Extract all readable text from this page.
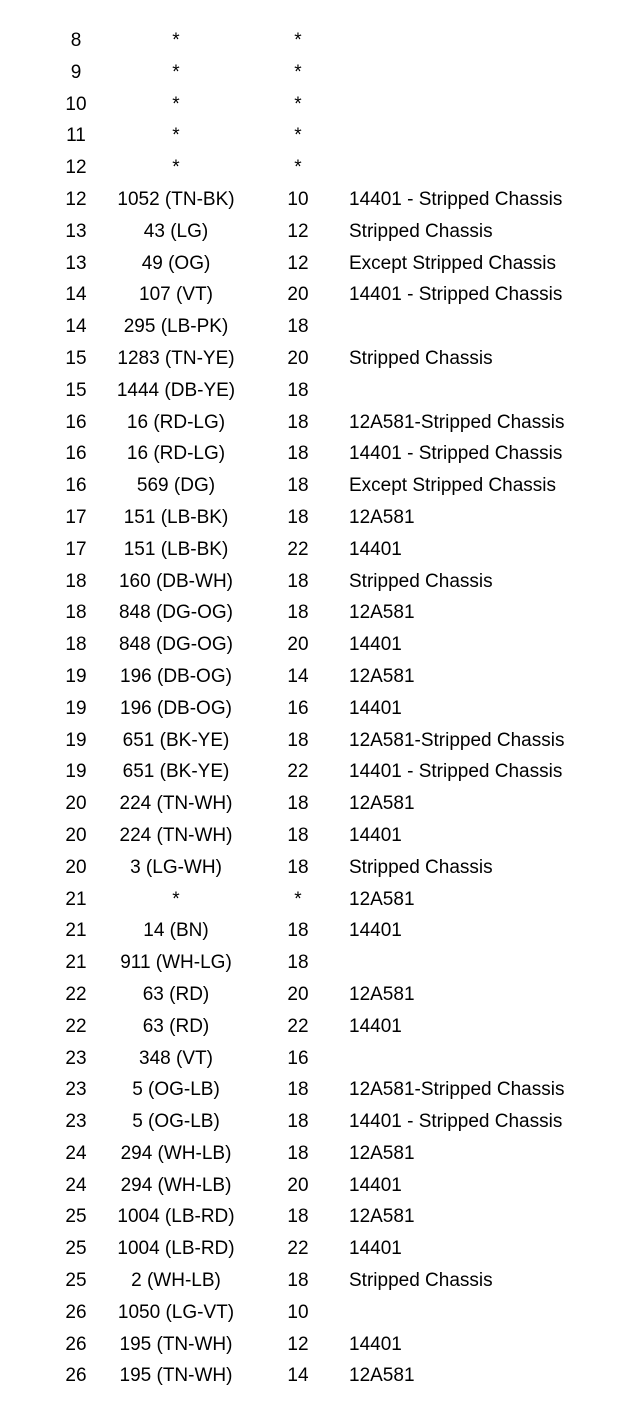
8	*	*
9	*	*
10	*	*
11	*	*
12	*	*
12	1052 (TN-BK)	10	14401 - Stripped Chassis
13	43 (LG)	12	Stripped Chassis
13	49 (OG)	12	Except Stripped Chassis
14	107 (VT)	20	14401 - Stripped Chassis
14	295 (LB-PK)	18
15	1283 (TN-YE)	20	Stripped Chassis
15	1444 (DB-YE)	18
16	16 (RD-LG)	18	12A581-Stripped Chassis
16	16 (RD-LG)	18	14401 - Stripped Chassis
16	569 (DG)	18	Except Stripped Chassis
17	151 (LB-BK)	18	12A581
17	151 (LB-BK)	22	14401
18	160 (DB-WH)	18	Stripped Chassis
18	848 (DG-OG)	18	12A581
18	848 (DG-OG)	20	14401
19	196 (DB-OG)	14	12A581
19	196 (DB-OG)	16	14401
19	651 (BK-YE)	18	12A581-Stripped Chassis
19	651 (BK-YE)	22	14401 - Stripped Chassis
20	224 (TN-WH)	18	12A581
20	224 (TN-WH)	18	14401
20	3 (LG-WH)	18	Stripped Chassis
21	*	*	12A581
21	14 (BN)	18	14401
21	911 (WH-LG)	18
22	63 (RD)	20	12A581
22	63 (RD)	22	14401
23	348 (VT)	16
23	5 (OG-LB)	18	12A581-Stripped Chassis
23	5 (OG-LB)	18	14401 - Stripped Chassis
24	294 (WH-LB)	18	12A581
24	294 (WH-LB)	20	14401
25	1004 (LB-RD)	18	12A581
25	1004 (LB-RD)	22	14401
25	2 (WH-LB)	18	Stripped Chassis
26	1050 (LG-VT)	10
26	195 (TN-WH)	12	14401
26	195 (TN-WH)	14	12A581
